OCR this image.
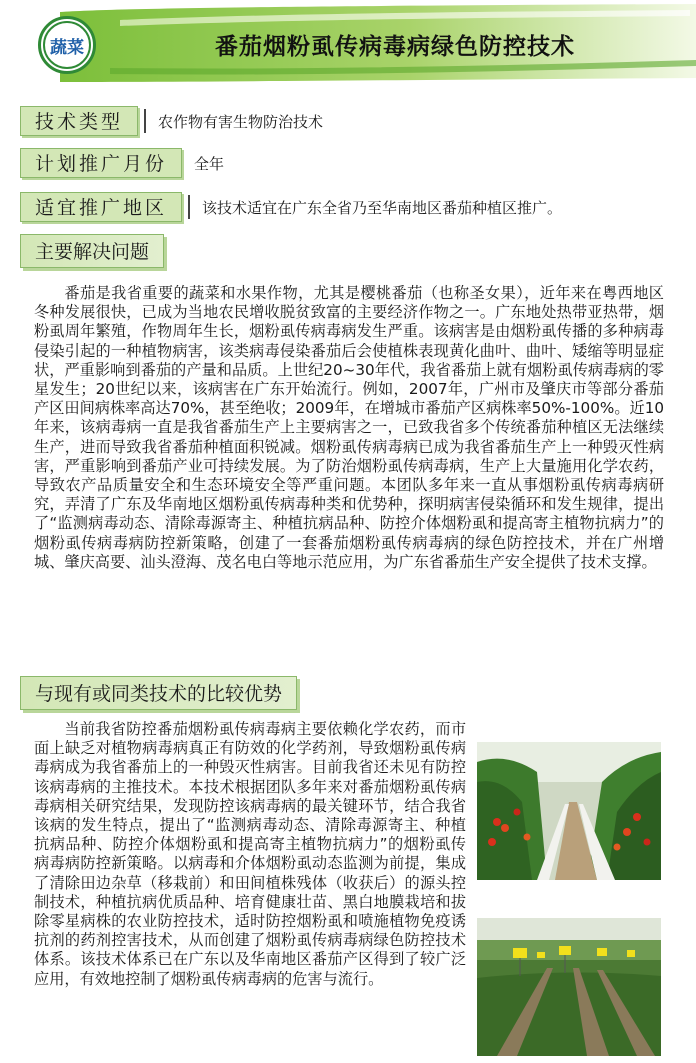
蔬菜	番茄烟粉虱传病毒病绿色防控技术
技术类型	农作物有害生物防治技术
计划推广月份	全年
适宜推广地区	该技术适宜在广东全省乃至华南地区番茄种植区推广。
主要解决问题

番茄是我省重要的蔬菜和水果作物，尤其是樱桃番茄（也称圣女果），近年来在粤西地区冬种发展很快，已成为当地农民增收脱贫致富的主要经济作物之一。广东地处热带亚热带，烟粉虱周年繁殖，作物周年生长，烟粉虱传病毒病发生严重。该病害是由烟粉虱传播的多种病毒侵染引起的一种植物病害，该类病毒侵染番茄后会使植株表现黄化曲叶、曲叶、矮缩等明显症状，严重影响到番茄的产量和品质。上世纪20~30年代，我省番茄上就有烟粉虱传病毒病的零星发生；20世纪以来，该病害在广东开始流行。例如，2007年，广州市及肇庆市等部分番茄产区田间病株率高达70%，甚至绝收；2009年，在增城市番茄产区病株率50%-100%。近10年来，该病毒病一直是我省番茄生产上主要病害之一，已致我省多个传统番茄种植区无法继续生产，进而导致我省番茄种植面积锐减。烟粉虱传病毒病已成为我省番茄生产上一种毁灭性病害，严重影响到番茄产业可持续发展。为了防治烟粉虱传病毒病，生产上大量施用化学农药，导致农产品质量安全和生态环境安全等严重问题。本团队多年来一直从事烟粉虱传病毒病研究，弄清了广东及华南地区烟粉虱传病毒种类和优势种，探明病害侵染循环和发生规律，提出了“监测病毒动态、清除毒源寄主、种植抗病品种、防控介体烟粉虱和提高寄主植物抗病力”的烟粉虱传病毒病防控新策略，创建了一套番茄烟粉虱传病毒病的绿色防控技术，并在广州增城、肇庆高要、汕头澄海、茂名电白等地示范应用，为广东省番茄生产安全提供了技术支撑。

与现有或同类技术的比较优势

当前我省防控番茄烟粉虱传病毒病主要依赖化学农药，而市面上缺乏对植物病毒病真正有防效的化学药剂，导致烟粉虱传病毒病成为我省番茄上的一种毁灭性病害。目前我省还未见有防控该病毒病的主推技术。本技术根据团队多年来对番茄烟粉虱传病毒病相关研究结果，发现防控该病毒病的最关键环节，结合我省该病的发生特点，提出了“监测病毒动态、清除毒源寄主、种植抗病品种、防控介体烟粉虱和提高寄主植物抗病力”的烟粉虱传病毒病防控新策略。以病毒和介体烟粉虱动态监测为前提，集成了清除田边杂草（移栽前）和田间植株残体（收获后）的源头控制技术，种植抗病优质品种、培育健康壮苗、黑白地膜栽培和拔除零星病株的农业防控技术，适时防控烟粉虱和喷施植物免疫诱抗剂的药剂控害技术，从而创建了烟粉虱传病毒病绿色防控技术体系。该技术体系已在广东以及华南地区番茄产区得到了较广泛应用，有效地控制了烟粉虱传病毒病的危害与流行。
